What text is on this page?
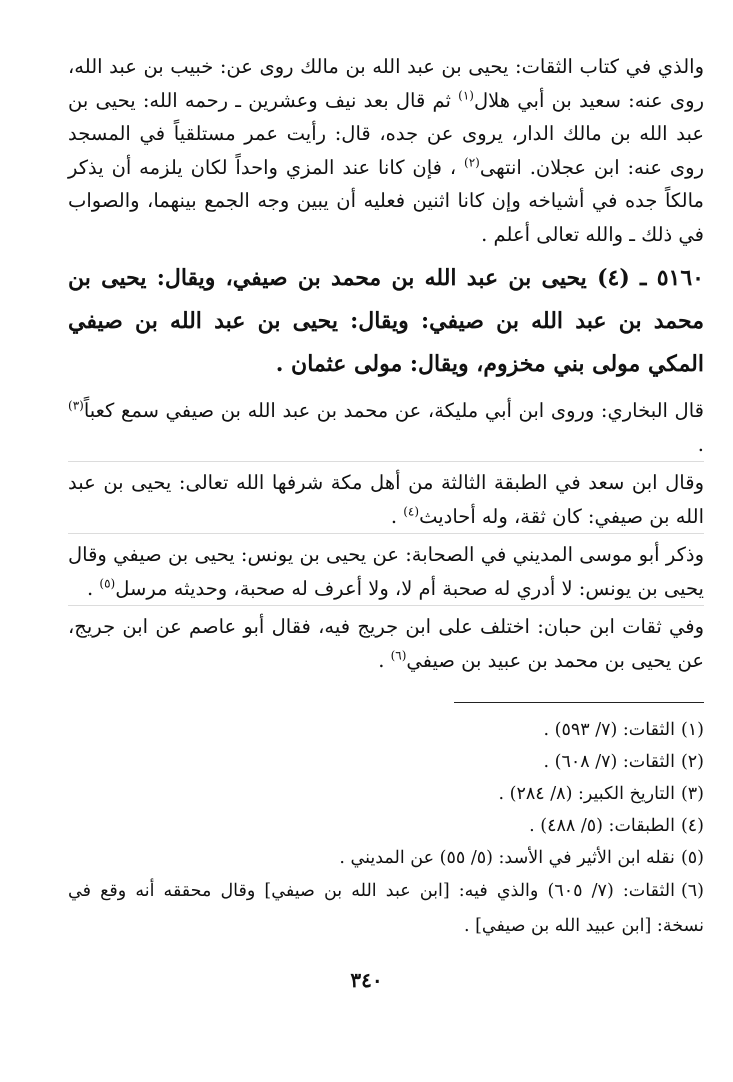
والذي في كتاب الثقات: يحيى بن عبد الله بن مالك روى عن: خبيب بن عبد الله، روى عنه: سعيد بن أبي هلال$^{(١)}$ ثم قال بعد نيف وعشرين ـ رحمه الله: يحيى بن عبد الله بن مالك الدار، يروى عن جده، قال: رأيت عمر مستلقياً في المسجد روى عنه: ابن عجلان. انتهى$^{(٢)}$ ، فإن كانا عند المزي واحداً لكان يلزمه أن يذكر مالكاً جده في أشياخه وإن كانا اثنين فعليه أن يبين وجه الجمع بينهما، والصواب في ذلك ـ والله تعالى أعلم .

٥١٦٠ ـ (٤) يحيى بن عبد الله بن محمد بن صيفي، ويقال: يحيى بن محمد بن عبد الله بن صيفي: ويقال: يحيى بن عبد الله بن صيفي المكي مولى بني مخزوم، ويقال: مولى عثمان .

قال البخاري: وروى ابن أبي مليكة، عن محمد بن عبد الله بن صيفي سمع كعباً$^{(٣)}$ .

وقال ابن سعد في الطبقة الثالثة من أهل مكة شرفها الله تعالى: يحيى بن عبد الله بن صيفي: كان ثقة، وله أحاديث$^{(٤)}$ .

وذكر أبو موسى المديني في الصحابة: عن يحيى بن يونس: يحيى بن صيفي وقال يحيى بن يونس: لا أدري له صحبة أم لا، ولا أعرف له صحبة، وحديثه مرسل$^{(٥)}$ .

وفي ثقات ابن حبان: اختلف على ابن جريج فيه، فقال أبو عاصم عن ابن جريج، عن يحيى بن محمد بن عبيد بن صيفي$^{(٦)}$ .

(١)الثقات: (٧/ ٥٩٣) .

(٢)الثقات: (٧/ ٦٠٨) .

(٣)التاريخ الكبير: (٨/ ٢٨٤) .

(٤)الطبقات: (٥/ ٤٨٨) .

(٥)نقله ابن الأثير في الأسد: (٥/ ٥٥) عن المديني .

(٦)الثقات: (٧/ ٦٠٥) والذي فيه: [ابن عبد الله بن صيفي] وقال محققه أنه وقع في نسخة: [ابن عبيد الله بن صيفي] .

٣٤٠
